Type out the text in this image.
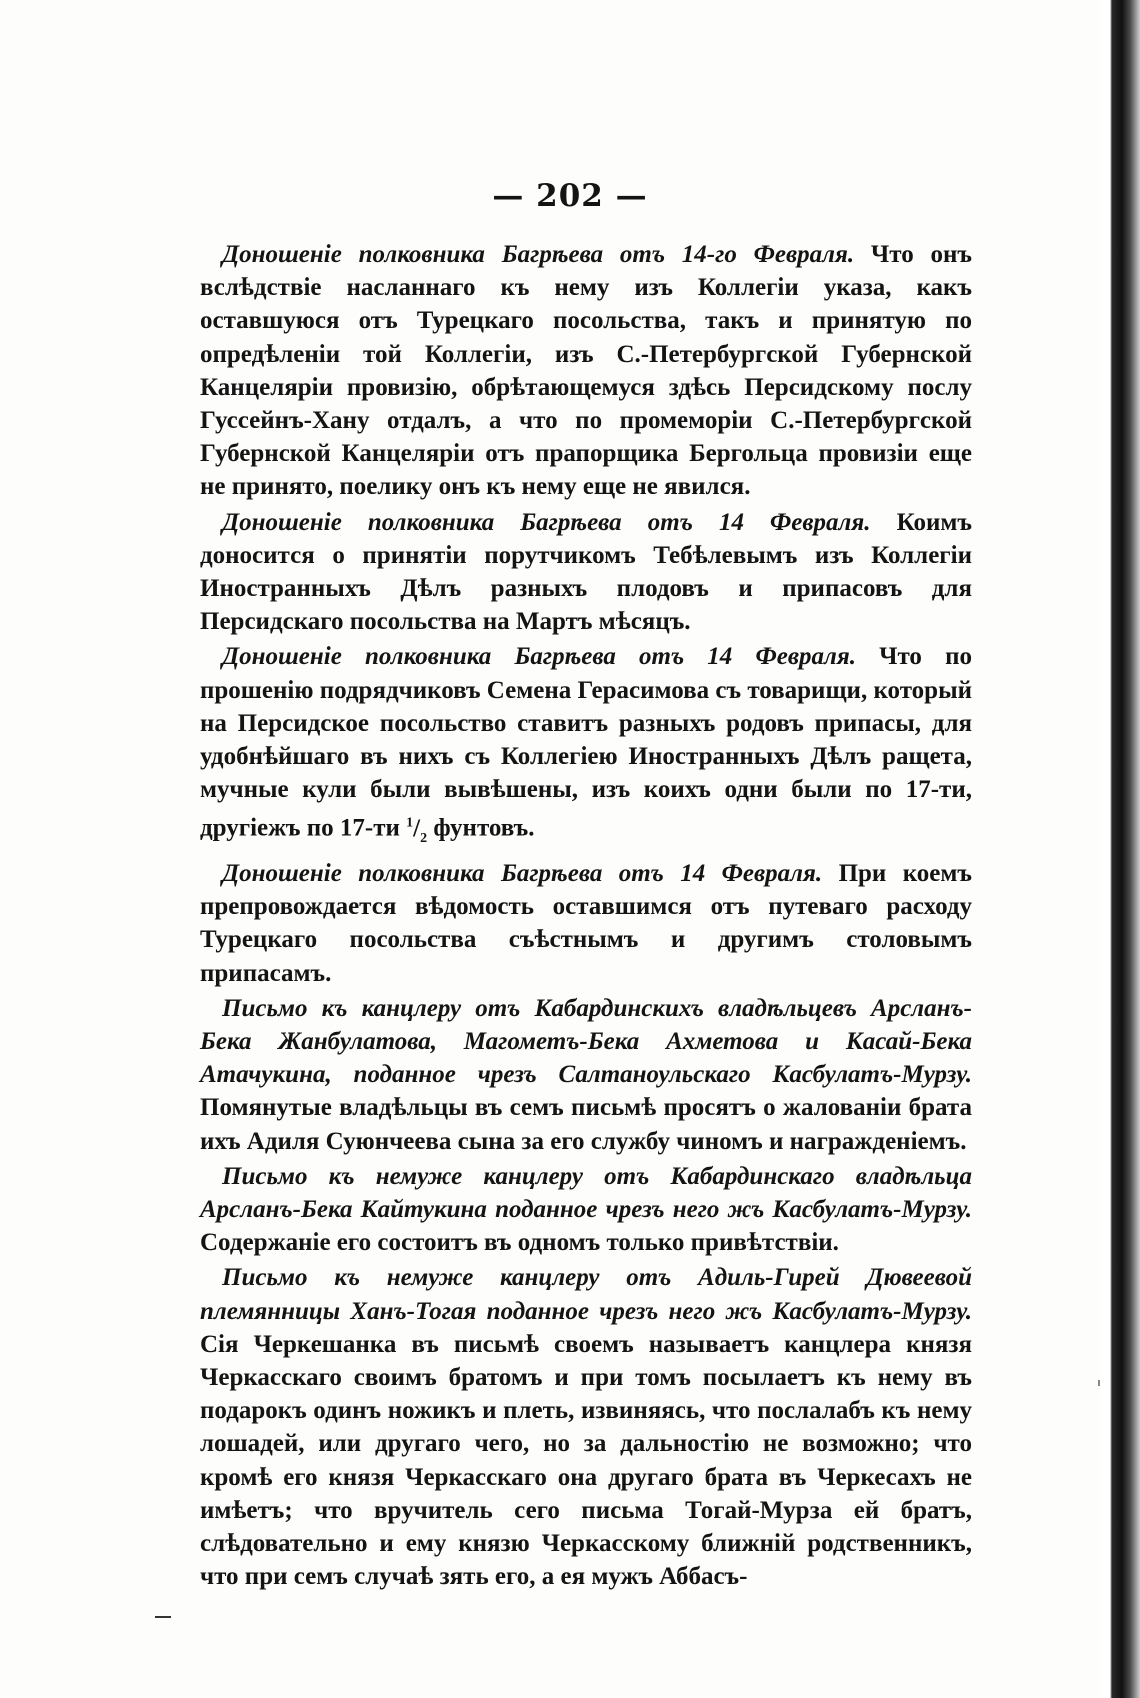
— 202 —

Доношеніе полковника Багрѣева отъ 14-го Февраля. Что онъ вслѣдствіе насланнаго къ нему изъ Коллегіи указа, какъ оставшуюся отъ Турецкаго посольства, такъ и принятую по опредѣленіи той Коллегіи, изъ С.-Петербургской Губернской Канцеляріи провизію, обрѣтающемуся здѣсь Персидскому послу Гуссейнъ-Хану отдалъ, а что по промеморіи С.-Петербургской Губернской Канцеляріи отъ прапорщика Бергольца провизіи еще не принято, поелику онъ къ нему еще не явился.

Доношеніе полковника Багрѣева отъ 14 Февраля. Коимъ доносится о принятіи порутчикомъ Тебѣлевымъ изъ Коллегіи Иностранныхъ Дѣлъ разныхъ плодовъ и припасовъ для Персидскаго посольства на Мартъ мѣсяцъ.

Доношеніе полковника Багрѣева отъ 14 Февраля. Что по прошенію подрядчиковъ Семена Герасимова съ товарищи, который на Персидское посольство ставитъ разныхъ родовъ припасы, для удобнѣйшаго въ нихъ съ Коллегіею Иностранныхъ Дѣлъ ращета, мучные кули были вывѣшены, изъ коихъ одни были по 17-ти, другіежъ по 17-ти $^1/_2$ фунтовъ.

Доношеніе полковника Багрѣева отъ 14 Февраля. При коемъ препровождается вѣдомость оставшимся отъ путеваго расходу Турецкаго посольства съѣстнымъ и другимъ столовымъ припасамъ.

Письмо къ канцлеру отъ Кабардинскихъ владѣльцевъ Арсланъ-Бека Жанбулатова, Магометъ-Бека Ахметова и Касай-Бека Атачукина, поданное чрезъ Салтаноульскаго Касбулатъ-Мурзу. Помянутые владѣльцы въ семъ письмѣ просятъ о жалованіи брата ихъ Адиля Суюнчеева сына за его службу чиномъ и награжденіемъ.

Письмо къ немуже канцлеру отъ Кабардинскаго владѣльца Арсланъ-Бека Кайтукина поданное чрезъ него жъ Касбулатъ-Мурзу. Содержаніе его состоитъ въ одномъ только привѣтствіи.

Письмо къ немуже канцлеру отъ Адиль-Гирей Дювеевой племянницы Ханъ-Тогая поданное чрезъ него жъ Касбулатъ-Мурзу. Сія Черкешанка въ письмѣ своемъ называетъ канцлера князя Черкасскаго своимъ братомъ и при томъ посылаетъ къ нему въ подарокъ одинъ ножикъ и плеть, извиняясь, что послалабъ къ нему лошадей, или другаго чего, но за дальностію не возможно; что кромѣ его князя Черкасскаго она другаго брата въ Черкесахъ не имѣетъ; что вручитель сего письма Тогай-Мурза ей братъ, слѣдовательно и ему князю Черкасскому ближній родственникъ, что при семъ случаѣ зять его, а ея мужъ Аббасъ-
